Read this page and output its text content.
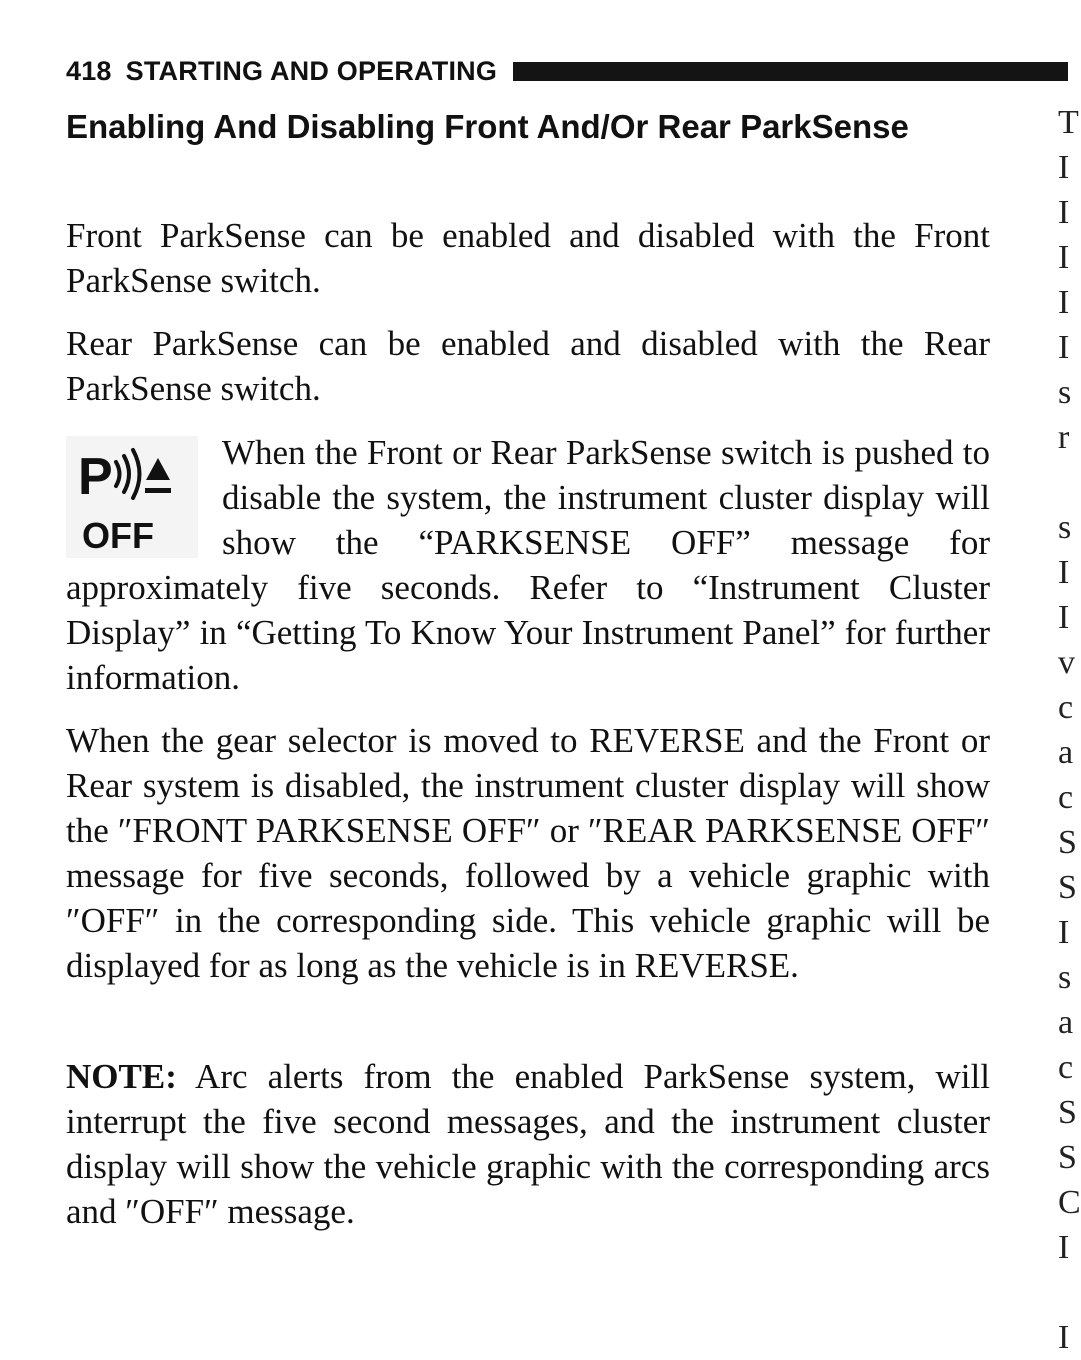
418 STARTING AND OPERATING
Enabling And Disabling Front And/Or Rear ParkSense

Front ParkSense can be enabled and disabled with the Front ParkSense switch.

Rear ParkSense can be enabled and disabled with the Rear ParkSense switch.

P
OFF
When the Front or Rear ParkSense switch is pushed to disable the system, the instrument cluster display will show the “PARKSENSE OFF” message for approximately five seconds. Refer to “Instrument Cluster Display” in “Getting To Know Your Instrument Panel” for further information.

When the gear selector is moved to REVERSE and the Front or Rear system is disabled, the instrument cluster display will show the ″FRONT PARKSENSE OFF″ or ″REAR PARKSENSE OFF″ message for five seconds, followed by a vehicle graphic with ″OFF″ in the corresponding side. This vehicle graphic will be displayed for as long as the vehicle is in REVERSE.

NOTE: Arc alerts from the enabled ParkSense system, will interrupt the five second messages, and the instrument cluster display will show the vehicle graphic with the corresponding arcs and ″OFF″ message.

T
I
I
I
I
I
s
r

s
I
I
v
c
a
c
S
S
I
s
a
c
S
S
C
I

I
